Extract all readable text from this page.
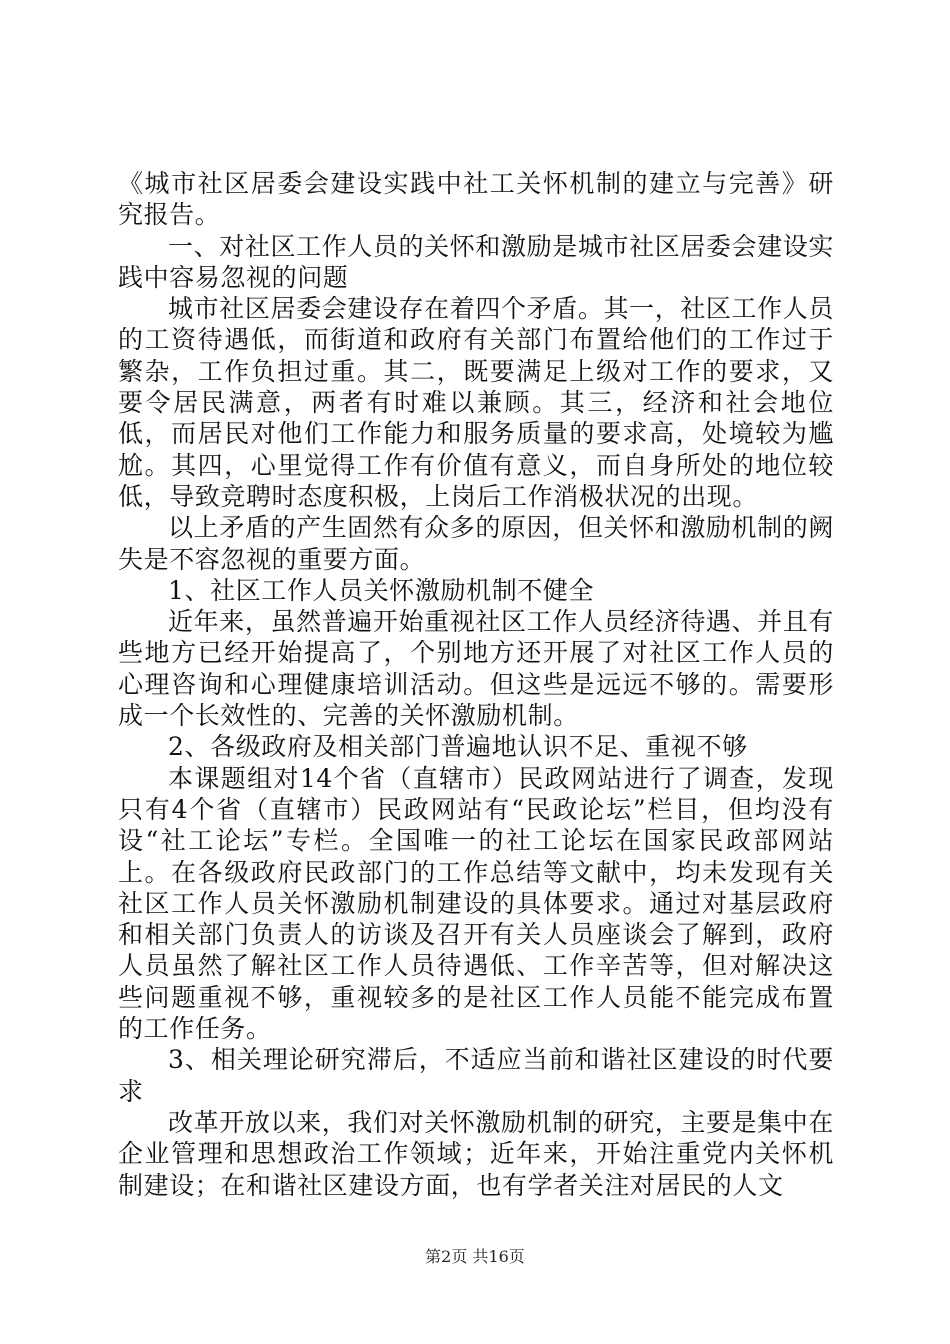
《城市社区居委会建设实践中社工关怀机制的建立与完善》研究报告。

一、对社区工作人员的关怀和激励是城市社区居委会建设实践中容易忽视的问题

城市社区居委会建设存在着四个矛盾。其一，社区工作人员的工资待遇低，而街道和政府有关部门布置给他们的工作过于繁杂，工作负担过重。其二，既要满足上级对工作的要求，又要令居民满意，两者有时难以兼顾。其三，经济和社会地位低，而居民对他们工作能力和服务质量的要求高，处境较为尴尬。其四，心里觉得工作有价值有意义，而自身所处的地位较低，导致竞聘时态度积极，上岗后工作消极状况的出现。

以上矛盾的产生固然有众多的原因，但关怀和激励机制的阙失是不容忽视的重要方面。

1、社区工作人员关怀激励机制不健全

近年来，虽然普遍开始重视社区工作人员经济待遇、并且有些地方已经开始提高了，个别地方还开展了对社区工作人员的心理咨询和心理健康培训活动。但这些是远远不够的。需要形成一个长效性的、完善的关怀激励机制。

2、各级政府及相关部门普遍地认识不足、重视不够

本课题组对14个省（直辖市）民政网站进行了调查，发现只有4个省（直辖市）民政网站有“民政论坛”栏目，但均没有设“社工论坛”专栏。全国唯一的社工论坛在国家民政部网站上。在各级政府民政部门的工作总结等文献中，均未发现有关社区工作人员关怀激励机制建设的具体要求。通过对基层政府和相关部门负责人的访谈及召开有关人员座谈会了解到，政府人员虽然了解社区工作人员待遇低、工作辛苦等，但对解决这些问题重视不够，重视较多的是社区工作人员能不能完成布置的工作任务。

3、相关理论研究滞后，不适应当前和谐社区建设的时代要求

改革开放以来，我们对关怀激励机制的研究，主要是集中在企业管理和思想政治工作领域；近年来，开始注重党内关怀机制建设；在和谐社区建设方面，也有学者关注对居民的人文

第2页 共16页
